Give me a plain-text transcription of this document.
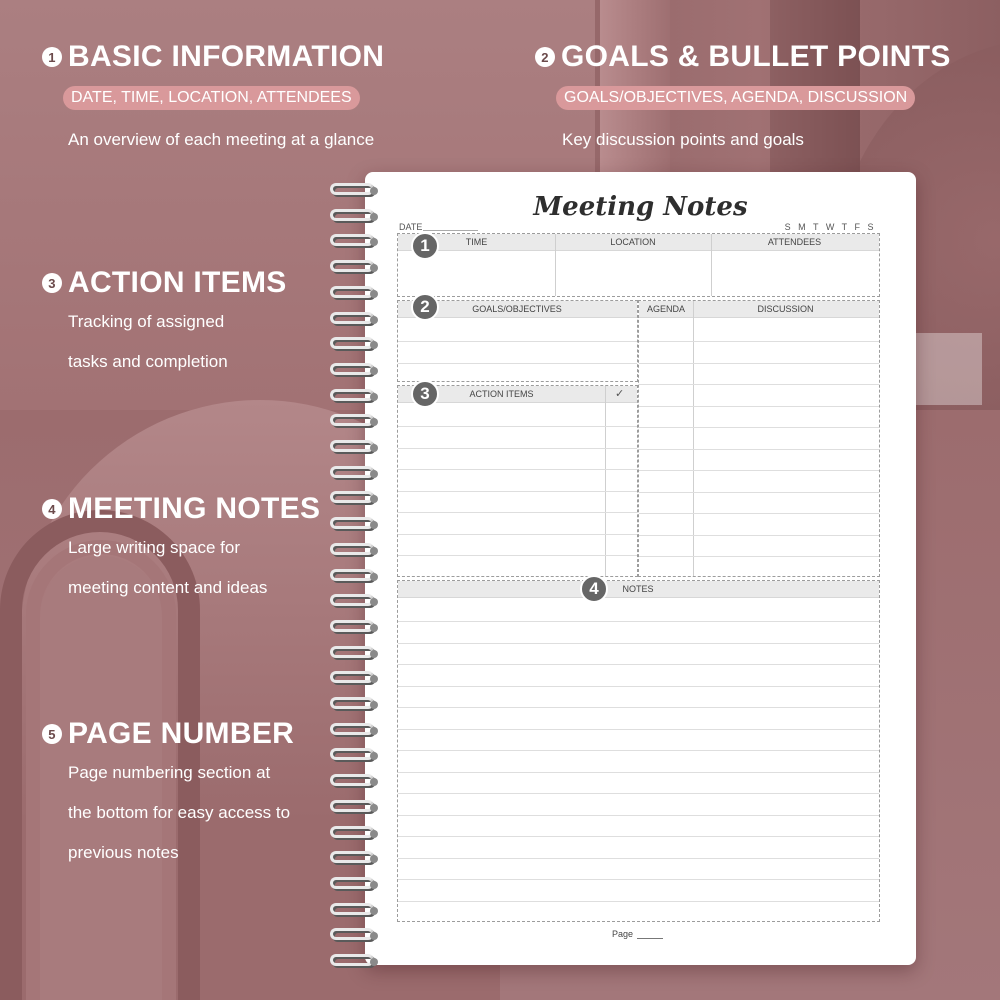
1 BASIC INFORMATION
DATE, TIME, LOCATION, ATTENDEES
An overview of each meeting at a glance
2 GOALS & BULLET POINTS
GOALS/OBJECTIVES, AGENDA, DISCUSSION
Key discussion points and goals
3 ACTION ITEMS
Tracking of assigned
tasks and completion
4 MEETING NOTES
Large writing space for
meeting content and ideas
5 PAGE NUMBER
Page numbering section at
the bottom for easy access to
previous notes
Meeting Notes
DATE	S M T W T F S
TIME	LOCATION	ATTENDEES
1
GOALS/OBJECTIVES
2	AGENDA	DISCUSSION
ACTION ITEMS	✓
3
NOTES
4
Page
